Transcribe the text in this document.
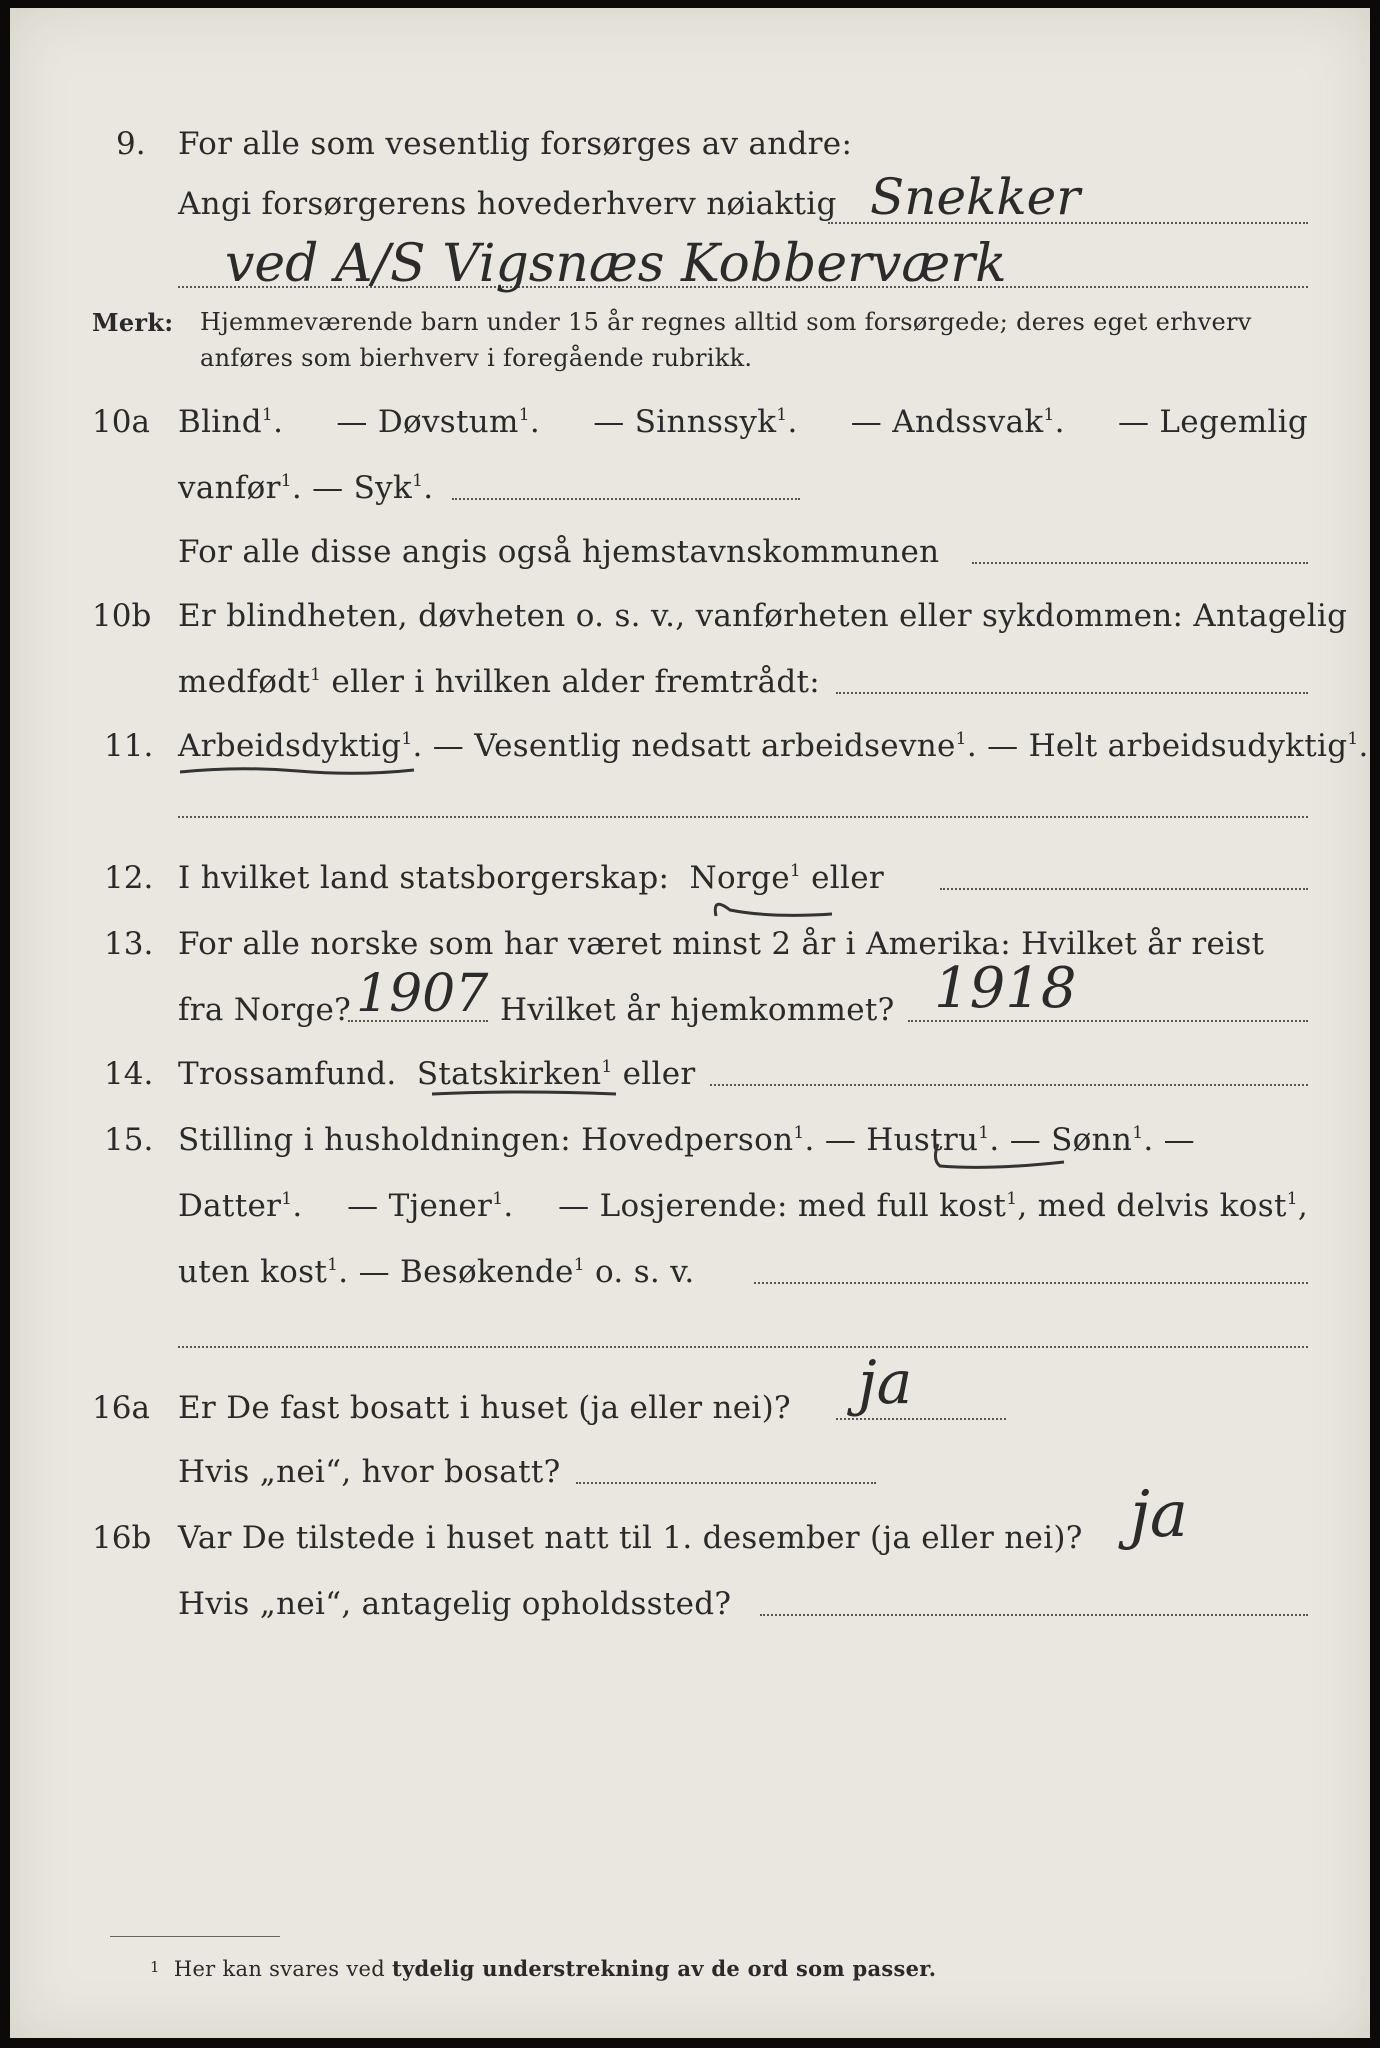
9. For alle som vesentlig forsørges av andre:
Angi forsørgerens hovederhverv nøiaktig Snekker
ved A/S Vigsnæs Kobberværk
Merk: Hjemmeværende barn under 15 år regnes alltid som forsørgede; deres eget erhverv
anføres som bierhverv i foregående rubrikk.
10a Blind$^1$. — Døvstum$^1$. — Sinnssyk$^1$. — Andssvak$^1$. — Legemlig
vanfør$^1$. — Syk$^1$.
For alle disse angis også hjemstavnskommunen
10b Er blindheten, døvheten o. s. v., vanførheten eller sykdommen: Antagelig
medfødt$^1$ eller i hvilken alder fremtrådt:
11. Arbeidsdyktig$^1$. — Vesentlig nedsatt arbeidsevne$^1$. — Helt arbeidsudyktig$^1$.
12. I hvilket land statsborgerskap: Norge$^1$ eller
13. For alle norske som har været minst 2 år i Amerika: Hvilket år reist
fra Norge? 1907 Hvilket år hjemkommet? 1918
14. Trossamfund. Statskirken$^1$ eller
15. Stilling i husholdningen: Hovedperson$^1$. — Hustru$^1$. — Sønn$^1$. —
Datter$^1$. — Tjener$^1$. — Losjerende: med full kost$^1$, med delvis kost$^1$,
uten kost$^1$. — Besøkende$^1$ o. s. v.
16a Er De fast bosatt i huset (ja eller nei)? ja
Hvis „nei“, hvor bosatt?
16b Var De tilstede i huset natt til 1. desember (ja eller nei)? ja
Hvis „nei“, antagelig opholdssted?
1 Her kan svares ved tydelig understrekning av de ord som passer.
